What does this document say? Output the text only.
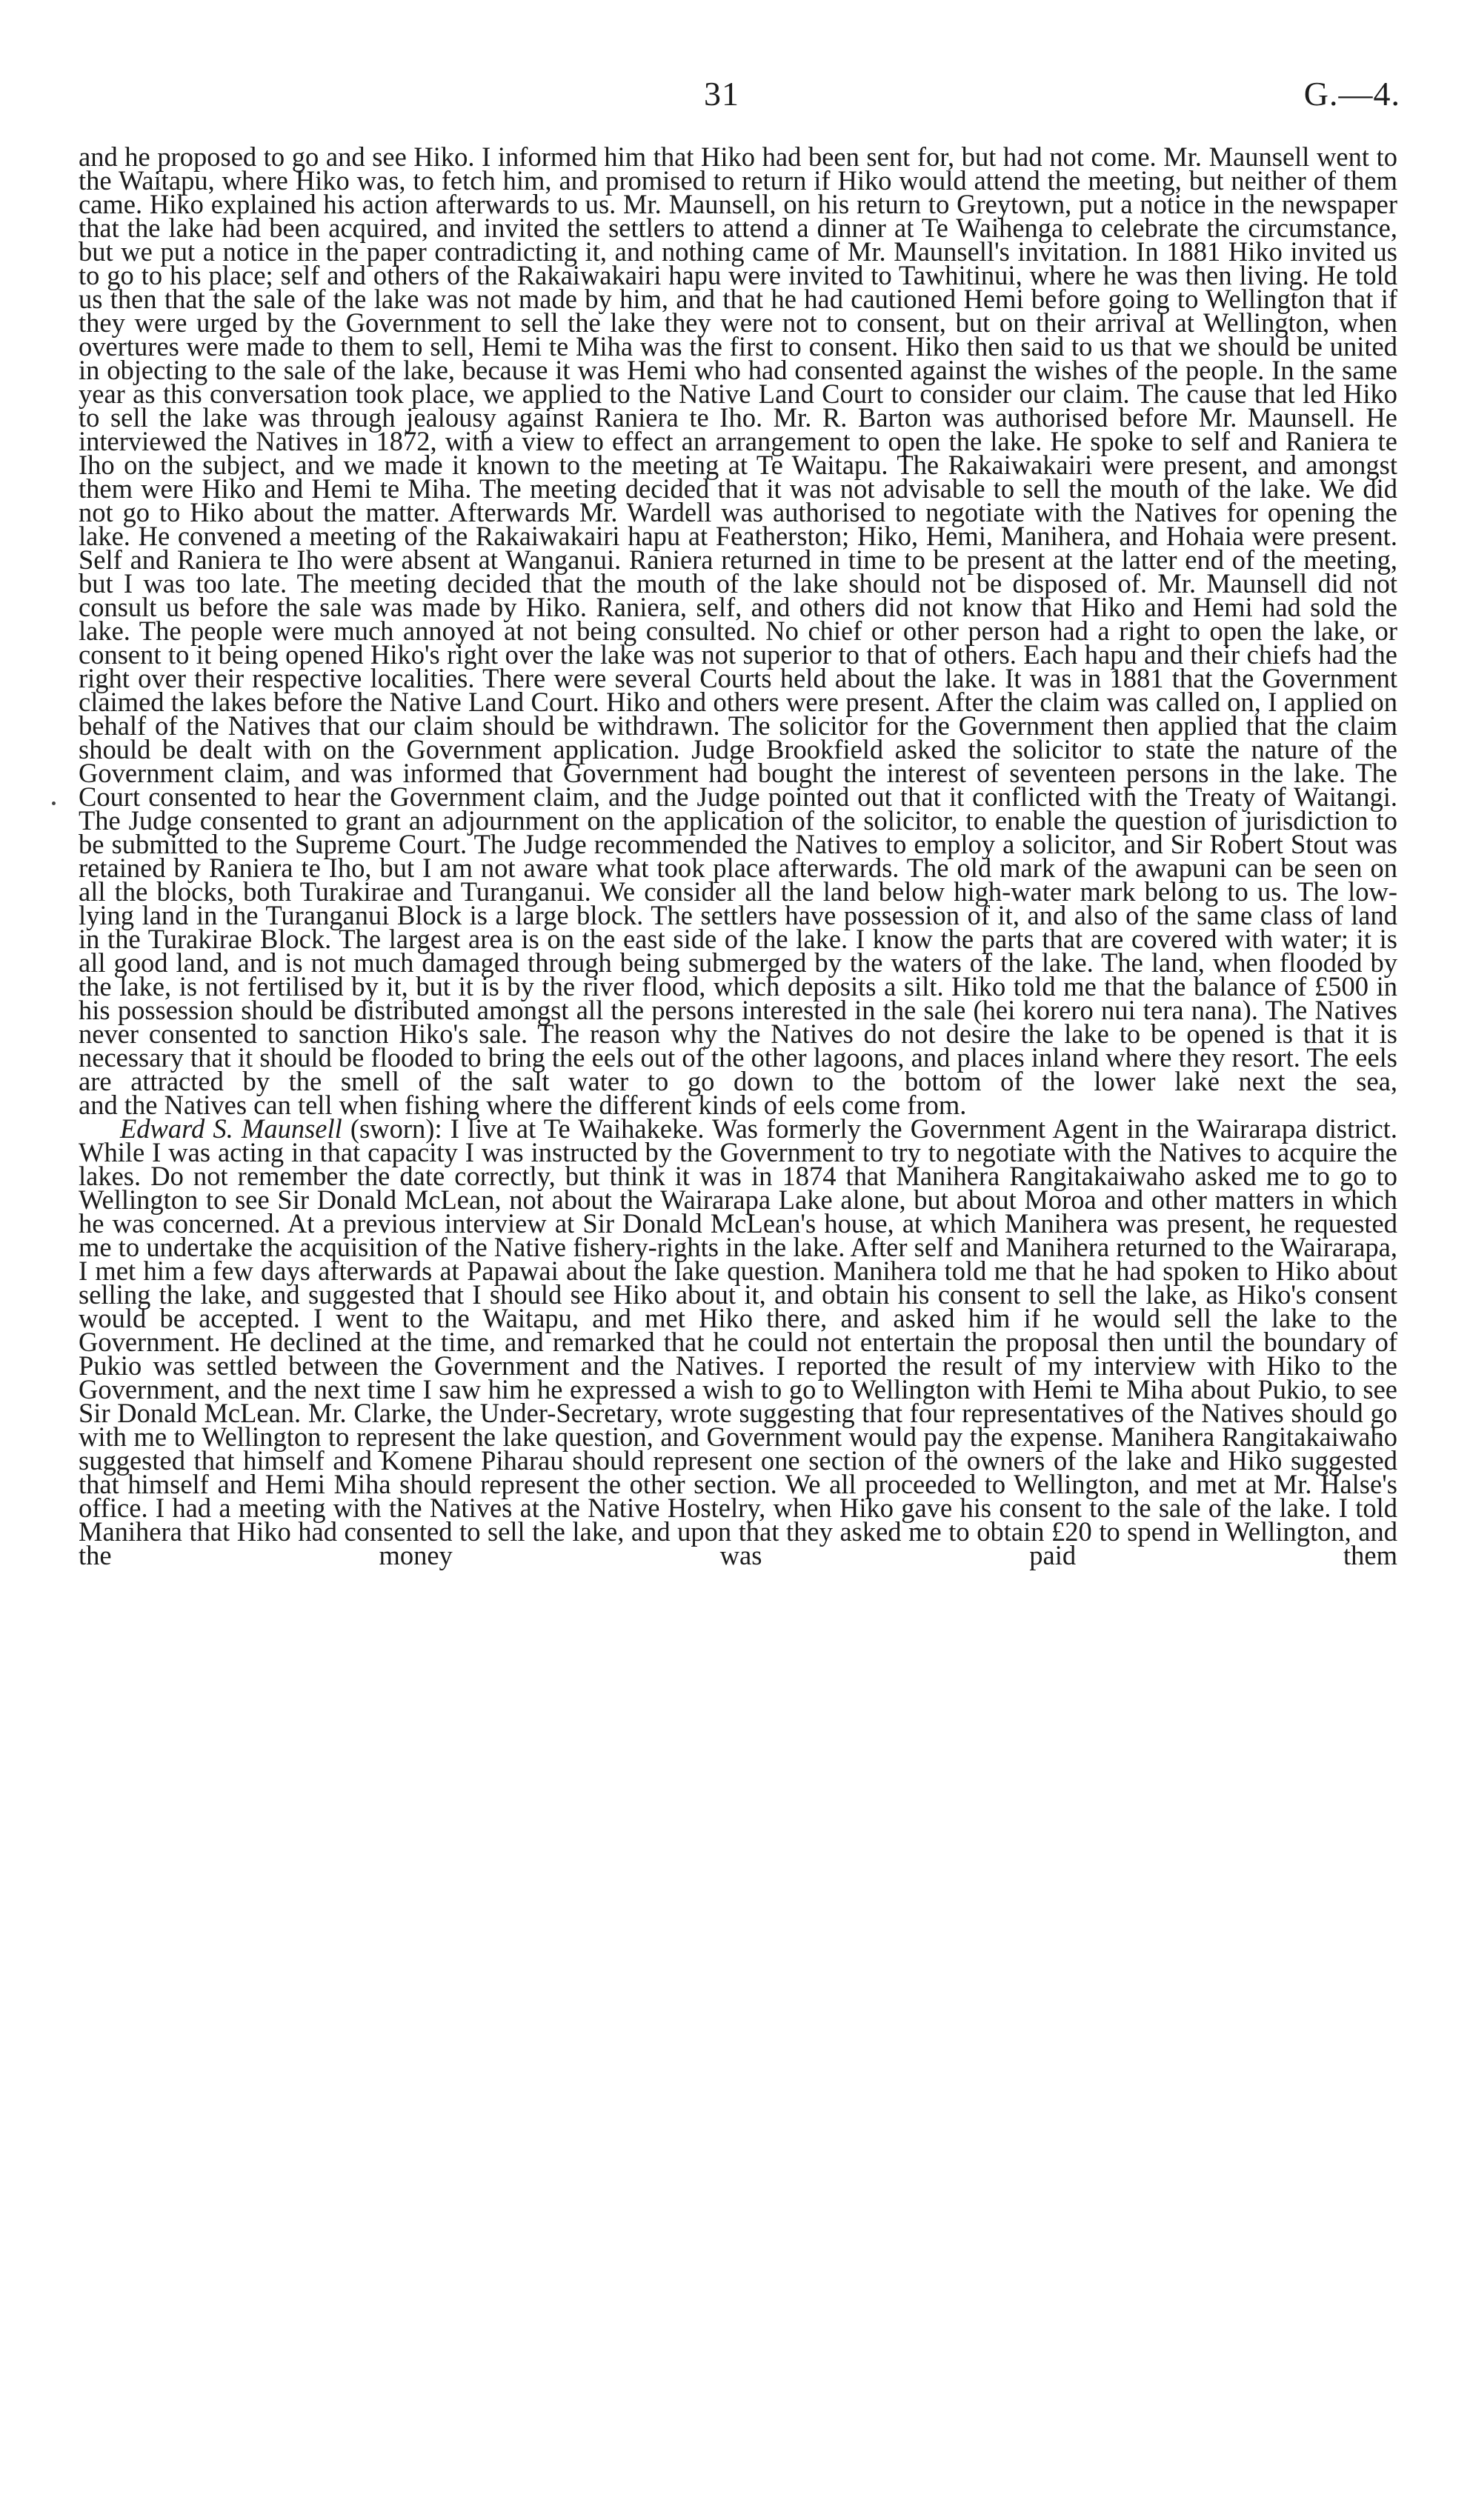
31	G.—4.

and he proposed to go and see Hiko. I informed him that Hiko had been sent for, but had not come. Mr. Maunsell went to the Waitapu, where Hiko was, to fetch him, and promised to return if Hiko would attend the meeting, but neither of them came. Hiko explained his action afterwards to us. Mr. Maunsell, on his return to Greytown, put a notice in the newspaper that the lake had been acquired, and invited the settlers to attend a dinner at Te Waihenga to celebrate the circumstance, but we put a notice in the paper contradicting it, and nothing came of Mr. Maunsell's invitation. In 1881 Hiko invited us to go to his place; self and others of the Rakaiwakairi hapu were invited to Tawhitinui, where he was then living. He told us then that the sale of the lake was not made by him, and that he had cautioned Hemi before going to Wellington that if they were urged by the Government to sell the lake they were not to consent, but on their arrival at Wellington, when overtures were made to them to sell, Hemi te Miha was the first to consent. Hiko then said to us that we should be united in objecting to the sale of the lake, because it was Hemi who had consented against the wishes of the people. In the same year as this conversation took place, we applied to the Native Land Court to consider our claim. The cause that led Hiko to sell the lake was through jealousy against Raniera te Iho. Mr. R. Barton was authorised before Mr. Maunsell. He interviewed the Natives in 1872, with a view to effect an arrangement to open the lake. He spoke to self and Raniera te Iho on the subject, and we made it known to the meeting at Te Waitapu. The Rakaiwakairi were present, and amongst them were Hiko and Hemi te Miha. The meeting decided that it was not advisable to sell the mouth of the lake. We did not go to Hiko about the matter. Afterwards Mr. Wardell was authorised to negotiate with the Natives for opening the lake. He convened a meeting of the Rakaiwakairi hapu at Featherston; Hiko, Hemi, Manihera, and Hohaia were present. Self and Raniera te Iho were absent at Wanganui. Raniera returned in time to be present at the latter end of the meeting, but I was too late. The meeting decided that the mouth of the lake should not be disposed of. Mr. Maunsell did not consult us before the sale was made by Hiko. Raniera, self, and others did not know that Hiko and Hemi had sold the lake. The people were much annoyed at not being consulted. No chief or other person had a right to open the lake, or consent to it being opened Hiko's right over the lake was not superior to that of others. Each hapu and their chiefs had the right over their respective localities. There were several Courts held about the lake. It was in 1881 that the Government claimed the lakes before the Native Land Court. Hiko and others were present. After the claim was called on, I applied on behalf of the Natives that our claim should be withdrawn. The solicitor for the Government then applied that the claim should be dealt with on the Government application. Judge Brookfield asked the solicitor to state the nature of the Government claim, and was informed that Government had bought the interest of seventeen persons in the lake. The Court consented to hear the Government claim, and the Judge pointed out that it conflicted with the Treaty of Waitangi. The Judge consented to grant an adjournment on the application of the solicitor, to enable the question of jurisdiction to be submitted to the Supreme Court. The Judge recommended the Natives to employ a solicitor, and Sir Robert Stout was retained by Raniera te Iho, but I am not aware what took place afterwards. The old mark of the awapuni can be seen on all the blocks, both Turakirae and Turanganui. We consider all the land below high-water mark belong to us. The low-lying land in the Turanganui Block is a large block. The settlers have possession of it, and also of the same class of land in the Turakirae Block. The largest area is on the east side of the lake. I know the parts that are covered with water; it is all good land, and is not much damaged through being submerged by the waters of the lake. The land, when flooded by the lake, is not fertilised by it, but it is by the river flood, which deposits a silt. Hiko told me that the balance of £500 in his possession should be distributed amongst all the persons interested in the sale (hei korero nui tera nana). The Natives never consented to sanction Hiko's sale. The reason why the Natives do not desire the lake to be opened is that it is necessary that it should be flooded to bring the eels out of the other lagoons, and places inland where they resort. The eels are attracted by the smell of the salt water to go down to the bottom of the lower lake next the sea,
and the Natives can tell when fishing where the different kinds of eels come from.

Edward S. Maunsell (sworn): I live at Te Waihakeke. Was formerly the Government Agent in the Wairarapa district. While I was acting in that capacity I was instructed by the Government to try to negotiate with the Natives to acquire the lakes. Do not remember the date correctly, but think it was in 1874 that Manihera Rangitakaiwaho asked me to go to Wellington to see Sir Donald McLean, not about the Wairarapa Lake alone, but about Moroa and other matters in which he was concerned. At a previous interview at Sir Donald McLean's house, at which Manihera was present, he requested me to undertake the acquisition of the Native fishery-rights in the lake. After self and Manihera returned to the Wairarapa, I met him a few days afterwards at Papawai about the lake question. Manihera told me that he had spoken to Hiko about selling the lake, and suggested that I should see Hiko about it, and obtain his consent to sell the lake, as Hiko's consent would be accepted. I went to the Waitapu, and met Hiko there, and asked him if he would sell the lake to the Government. He declined at the time, and remarked that he could not entertain the proposal then until the boundary of Pukio was settled between the Government and the Natives. I reported the result of my interview with Hiko to the Government, and the next time I saw him he expressed a wish to go to Wellington with Hemi te Miha about Pukio, to see Sir Donald McLean. Mr. Clarke, the Under-Secretary, wrote suggesting that four representatives of the Natives should go with me to Wellington to represent the lake question, and Government would pay the expense. Manihera Rangitakaiwaho suggested that himself and Komene Piharau should represent one section of the owners of the lake and Hiko suggested that himself and Hemi Miha should represent the other section. We all proceeded to Wellington, and met at Mr. Halse's office. I had a meeting with the Natives at the Native Hostelry, when Hiko gave his consent to the sale of the lake. I told Manihera that Hiko had consented to sell the lake, and upon that they asked me to obtain £20 to spend in Wellington, and the money was paid them
